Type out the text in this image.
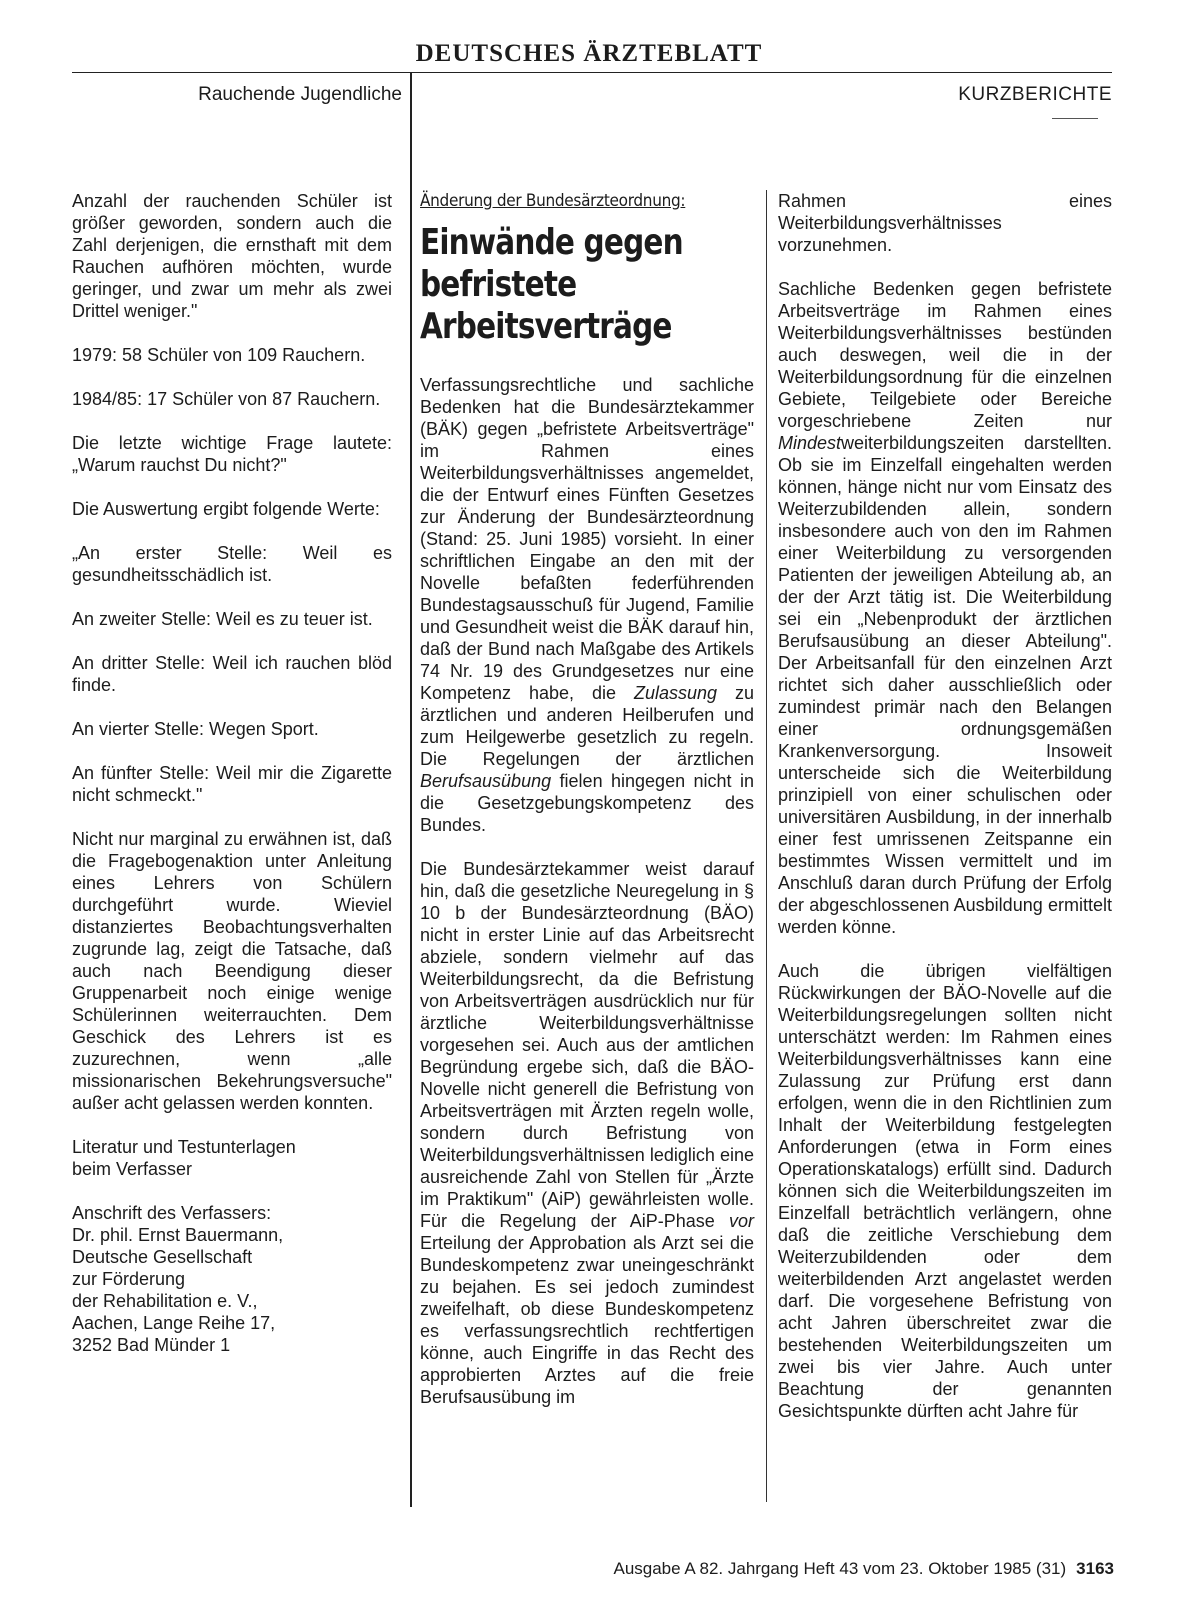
DEUTSCHES ÄRZTEBLATT
Rauchende Jugendliche	KURZBERICHTE

Anzahl der rauchenden Schüler ist größer geworden, sondern auch die Zahl derjenigen, die ernsthaft mit dem Rauchen aufhören möchten, wurde geringer, und zwar um mehr als zwei Drittel weniger."

1979: 58 Schüler von 109 Rauchern.

1984/85: 17 Schüler von 87 Rauchern.

Die letzte wichtige Frage lautete: „Warum rauchst Du nicht?"

Die Auswertung ergibt folgende Werte:

„An erster Stelle: Weil es gesundheitsschädlich ist.

An zweiter Stelle: Weil es zu teuer ist.

An dritter Stelle: Weil ich rauchen blöd finde.

An vierter Stelle: Wegen Sport.

An fünfter Stelle: Weil mir die Zigarette nicht schmeckt."

Nicht nur marginal zu erwähnen ist, daß die Fragebogenaktion unter Anleitung eines Lehrers von Schülern durchgeführt wurde. Wieviel distanziertes Beobachtungsverhalten zugrunde lag, zeigt die Tatsache, daß auch nach Beendigung dieser Gruppenarbeit noch einige wenige Schülerinnen weiterrauchten. Dem Geschick des Lehrers ist es zuzurechnen, wenn „alle missionarischen Bekehrungsversuche" außer acht gelassen werden konnten.

Literatur und Testunterlagen
beim Verfasser

Anschrift des Verfassers:
Dr. phil. Ernst Bauermann,
Deutsche Gesellschaft
zur Förderung
der Rehabilitation e. V.,
Aachen, Lange Reihe 17,
3252 Bad Münder 1

Änderung der Bundesärzteordnung:
Einwände gegen
befristete
Arbeitsverträge

Verfassungsrechtliche und sachliche Bedenken hat die Bundesärztekammer (BÄK) gegen „befristete Arbeitsverträge" im Rahmen eines Weiterbildungsverhältnisses angemeldet, die der Entwurf eines Fünften Gesetzes zur Änderung der Bundesärzteordnung (Stand: 25. Juni 1985) vorsieht. In einer schriftlichen Eingabe an den mit der Novelle befaßten federführenden Bundestagsausschuß für Jugend, Familie und Gesundheit weist die BÄK darauf hin, daß der Bund nach Maßgabe des Artikels 74 Nr. 19 des Grundgesetzes nur eine Kompetenz habe, die Zulassung zu ärztlichen und anderen Heilberufen und zum Heilgewerbe gesetzlich zu regeln. Die Regelungen der ärztlichen Berufsausübung fielen hingegen nicht in die Gesetzgebungskompetenz des Bundes.

Die Bundesärztekammer weist darauf hin, daß die gesetzliche Neuregelung in § 10 b der Bundesärzteordnung (BÄO) nicht in erster Linie auf das Arbeitsrecht abziele, sondern vielmehr auf das Weiterbildungsrecht, da die Befristung von Arbeitsverträgen ausdrücklich nur für ärztliche Weiterbildungsverhältnisse vorgesehen sei. Auch aus der amtlichen Begründung ergebe sich, daß die BÄO-Novelle nicht generell die Befristung von Arbeitsverträgen mit Ärzten regeln wolle, sondern durch Befristung von Weiterbildungsverhältnissen lediglich eine ausreichende Zahl von Stellen für „Ärzte im Praktikum" (AiP) gewährleisten wolle. Für die Regelung der AiP-Phase vor Erteilung der Approbation als Arzt sei die Bundeskompetenz zwar uneingeschränkt zu bejahen. Es sei jedoch zumindest zweifelhaft, ob diese Bundeskompetenz es verfassungsrechtlich rechtfertigen könne, auch Eingriffe in das Recht des approbierten Arztes auf die freie Berufsausübung im

Rahmen eines Weiterbildungsverhältnisses vorzunehmen.

Sachliche Bedenken gegen befristete Arbeitsverträge im Rahmen eines Weiterbildungsverhältnisses bestünden auch deswegen, weil die in der Weiterbildungsordnung für die einzelnen Gebiete, Teilgebiete oder Bereiche vorgeschriebene Zeiten nur Mindestweiterbildungszeiten darstellten. Ob sie im Einzelfall eingehalten werden können, hänge nicht nur vom Einsatz des Weiterzubildenden allein, sondern insbesondere auch von den im Rahmen einer Weiterbildung zu versorgenden Patienten der jeweiligen Abteilung ab, an der der Arzt tätig ist. Die Weiterbildung sei ein „Nebenprodukt der ärztlichen Berufsausübung an dieser Abteilung". Der Arbeitsanfall für den einzelnen Arzt richtet sich daher ausschließlich oder zumindest primär nach den Belangen einer ordnungsgemäßen Krankenversorgung. Insoweit unterscheide sich die Weiterbildung prinzipiell von einer schulischen oder universitären Ausbildung, in der innerhalb einer fest umrissenen Zeitspanne ein bestimmtes Wissen vermittelt und im Anschluß daran durch Prüfung der Erfolg der abgeschlossenen Ausbildung ermittelt werden könne.

Auch die übrigen vielfältigen Rückwirkungen der BÄO-Novelle auf die Weiterbildungsregelungen sollten nicht unterschätzt werden: Im Rahmen eines Weiterbildungsverhältnisses kann eine Zulassung zur Prüfung erst dann erfolgen, wenn die in den Richtlinien zum Inhalt der Weiterbildung festgelegten Anforderungen (etwa in Form eines Operationskatalogs) erfüllt sind. Dadurch können sich die Weiterbildungszeiten im Einzelfall beträchtlich verlängern, ohne daß die zeitliche Verschiebung dem Weiterzubildenden oder dem weiterbildenden Arzt angelastet werden darf. Die vorgesehene Befristung von acht Jahren überschreitet zwar die bestehenden Weiterbildungszeiten um zwei bis vier Jahre. Auch unter Beachtung der genannten Gesichtspunkte dürften acht Jahre für

Ausgabe A 82. Jahrgang Heft 43 vom 23. Oktober 1985 (31) 3163
